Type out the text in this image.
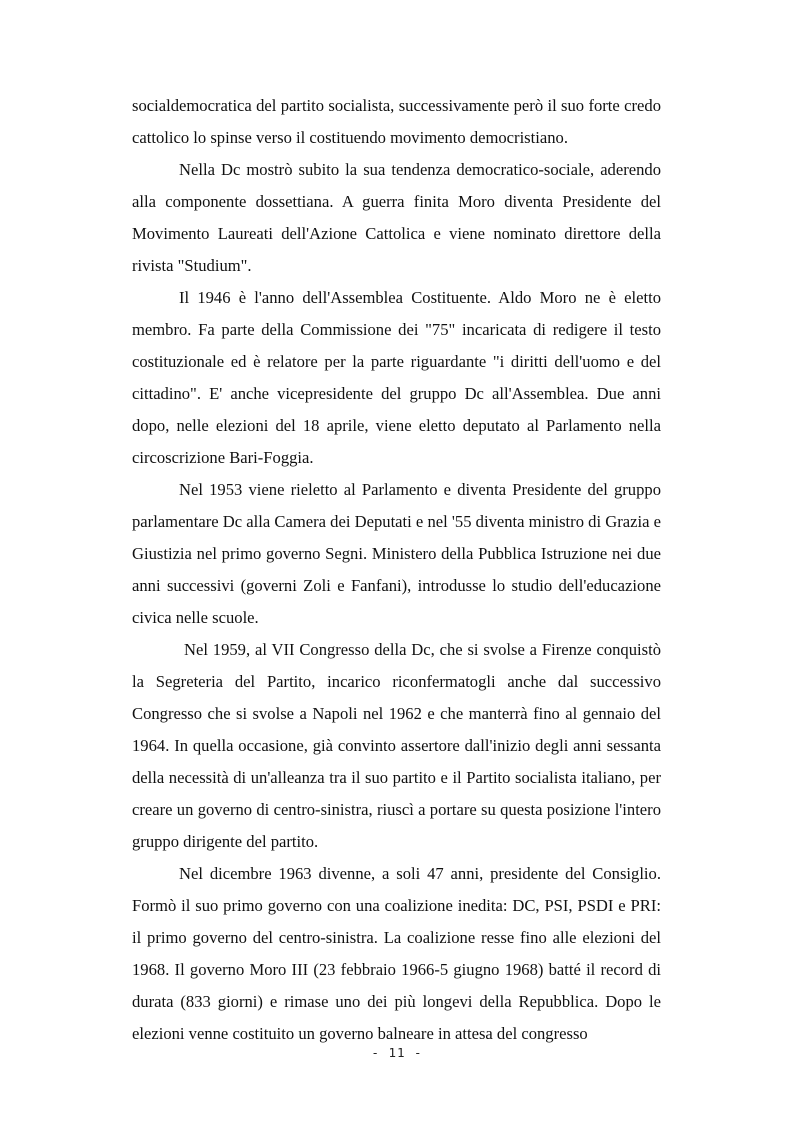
socialdemocratica del partito socialista, successivamente però il suo forte credo cattolico lo spinse verso il costituendo movimento democristiano.

Nella Dc mostrò subito la sua tendenza democratico-sociale, aderendo alla componente dossettiana. A guerra finita Moro diventa Presidente del Movimento Laureati dell'Azione Cattolica e viene nominato direttore della rivista "Studium".

Il 1946 è l'anno dell'Assemblea Costituente. Aldo Moro ne è eletto membro. Fa parte della Commissione dei "75" incaricata di redigere il testo costituzionale ed è relatore per la parte riguardante "i diritti dell'uomo e del cittadino". E' anche vicepresidente del gruppo Dc all'Assemblea. Due anni dopo, nelle elezioni del 18 aprile, viene eletto deputato al Parlamento nella circoscrizione Bari-Foggia.

Nel 1953 viene rieletto al Parlamento e diventa Presidente del gruppo parlamentare Dc alla Camera dei Deputati e nel '55 diventa ministro di Grazia e Giustizia nel primo governo Segni. Ministero della Pubblica Istruzione nei due anni successivi (governi Zoli e Fanfani), introdusse lo studio dell'educazione civica nelle scuole.

Nel 1959, al VII Congresso della Dc, che si svolse a Firenze conquistò la Segreteria del Partito, incarico riconfermatogli anche dal successivo Congresso che si svolse a Napoli nel 1962 e che manterrà fino al gennaio del 1964. In quella occasione, già convinto assertore dall'inizio degli anni sessanta della necessità di un'alleanza tra il suo partito e il Partito socialista italiano, per creare un governo di centro-sinistra, riuscì a portare su questa posizione l'intero gruppo dirigente del partito.

Nel dicembre 1963 divenne, a soli 47 anni, presidente del Consiglio. Formò il suo primo governo con una coalizione inedita: DC, PSI, PSDI e PRI: il primo governo del centro-sinistra. La coalizione resse fino alle elezioni del 1968. Il governo Moro III (23 febbraio 1966-5 giugno 1968) batté il record di durata (833 giorni) e rimase uno dei più longevi della Repubblica. Dopo le elezioni venne costituito un governo balneare in attesa del congresso

- 11 -
